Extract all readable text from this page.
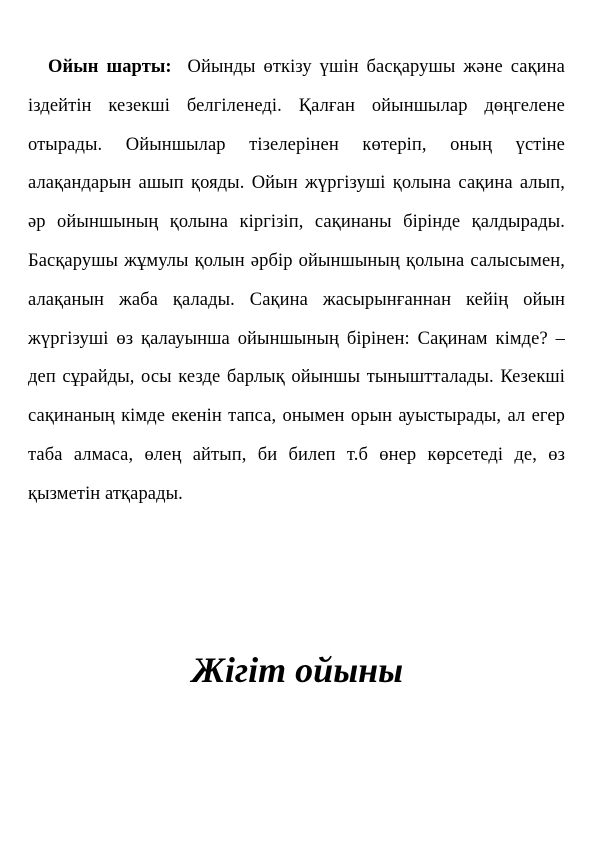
Ойын шарты: Ойынды өткізу үшін басқарушы және сақина іздейтін кезекші белгіленеді. Қалған ойыншылар дөңгелене отырады. Ойыншылар тізелерінен көтеріп, оның үстіне алақандарын ашып қояды. Ойын жүргізуші қолына сақина алып, әр ойыншының қолына кіргізіп, сақинаны бірінде қалдырады. Басқарушы жұмулы қолын әрбір ойыншының қолына салысымен, алақанын жаба қалады. Сақина жасырынғаннан кейің ойын жүргізуші өз қалауынша ойыншының бірінен: Сақинам кімде? – деп сұрайды, осы кезде барлық ойыншы тыныштталады. Кезекші сақинаның кімде екенін тапса, онымен орын ауыстырады, ал егер таба алмаса, өлең айтып, би билеп т.б өнер көрсетеді де, өз қызметін атқарады.

Жігіт ойыны
